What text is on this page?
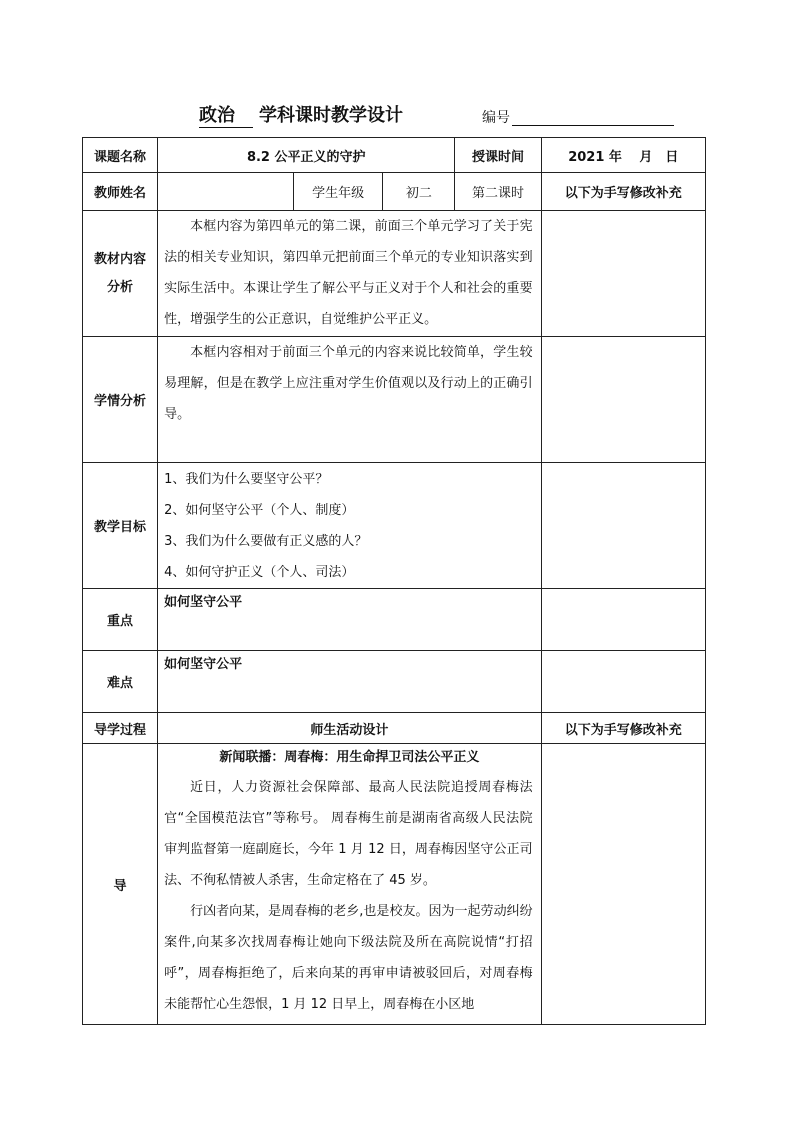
政治	学科课时教学设计	编号
课题名称	8.2 公平正义的守护			授课时间	2021 年　 月　日
教师姓名		学生年级	初二	第二课时	以下为手写修改补充

教材内容
分析	本框内容为第四单元的第二课，前面三个单元学习了关于宪法的相关专业知识，第四单元把前面三个单元的专业知识落实到实际生活中。本课让学生了解公平与正义对于个人和社会的重要性，增强学生的公正意识，自觉维护公平正义。				

学情分析	本框内容相对于前面三个单元的内容来说比较简单，学生较易理解，但是在教学上应注重对学生价值观以及行动上的正确引导。				

教学目标	1、我们为什么要坚守公平？

2、如何坚守公平（个人、制度）

3、我们为什么要做有正义感的人？

4、如何守护正义（个人、司法）				

重点	如何坚守公平				

难点	如何坚守公平				

导学过程	师生活动设计				以下为手写修改补充
导	新闻联播：周春梅：用生命捍卫司法公平正义

近日，人力资源社会保障部、最高人民法院追授周春梅法官“全国模范法官”等称号。 周春梅生前是湖南省高级人民法院审判监督第一庭副庭长，今年 1 月 12 日，周春梅因坚守公正司法、不徇私情被人杀害，生命定格在了 45 岁。

行凶者向某，是周春梅的老乡,也是校友。因为一起劳动纠纷案件,向某多次找周春梅让她向下级法院及所在高院说情“打招呼”，周春梅拒绝了，后来向某的再审申请被驳回后，对周春梅未能帮忙心生怨恨，1 月 12 日早上，周春梅在小区地				
